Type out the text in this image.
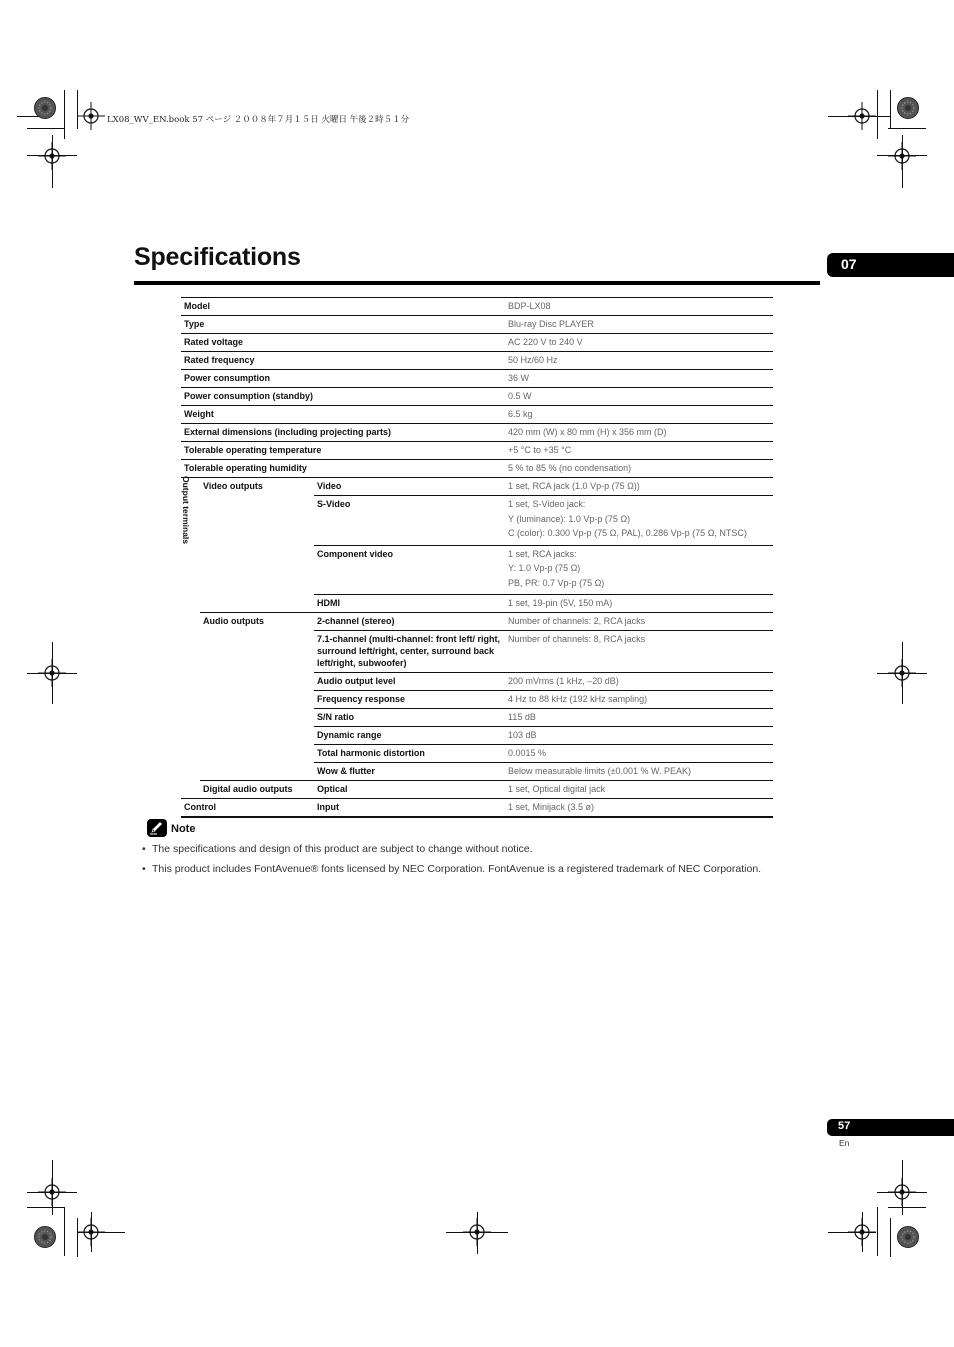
LX08_WV_EN.book 57 ページ ２００８年７月１５日 火曜日 午後２時５１分
Specifications	07
Model			BDP-LX08
Type			Blu-ray Disc PLAYER
Rated voltage			AC 220 V to 240 V
Rated frequency			50 Hz/60 Hz
Power consumption			36 W
Power consumption (standby)			0.5 W
Weight			6.5 kg
External dimensions (including projecting parts)			420 mm (W) x 80 mm (H) x 356 mm (D)
Tolerable operating temperature			+5 °C to +35 °C
Tolerable operating humidity			5 % to 85 % (no condensation)
	Video outputs	Video	1 set, RCA jack (1.0 Vp-p (75 Ω))
		S-Video	1 set, S-Video jack:
Y (luminance): 1.0 Vp-p (75 Ω)
C (color): 0.300 Vp-p (75 Ω, PAL), 0.286 Vp-p (75 Ω, NTSC)

		Component video	1 set, RCA jacks:
Y: 1.0 Vp-p (75 Ω)
PB, PR: 0.7 Vp-p (75 Ω)

		HDMI	1 set, 19-pin (5V, 150 mA)
	Audio outputs	2-channel (stereo)	Number of channels: 2, RCA jacks
		7.1-channel (multi-channel: front left/ right, surround left/right, center, surround back left/right, subwoofer)	Number of channels: 8, RCA jacks
		Audio output level	200 mVrms (1 kHz, –20 dB)
		Frequency response	4 Hz to 88 kHz (192 kHz sampling)
		S/N ratio	115 dB
		Dynamic range	103 dB
		Total harmonic distortion	0.0015 %
		Wow & flutter	Below measurable limits (±0.001 % W. PEAK)
	Digital audio outputs	Optical	1 set, Optical digital jack
Control		Input	1 set, Minijack (3.5 ø)
Output terminals
Note
• The specifications and design of this product are subject to change without notice.
• This product includes FontAvenue® fonts licensed by NEC Corporation. FontAvenue is a registered trademark of NEC Corporation.
57
En
